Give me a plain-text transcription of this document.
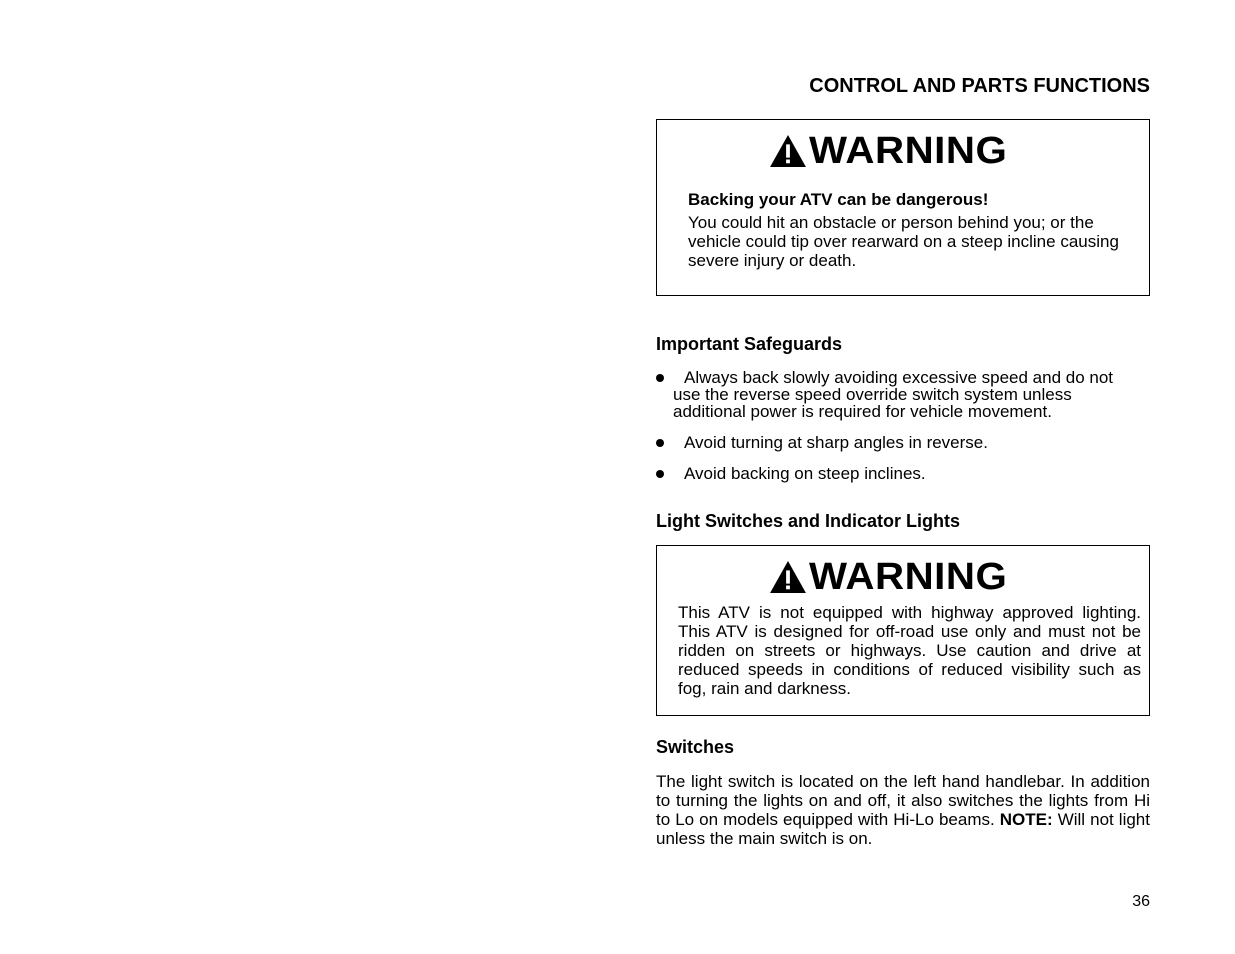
CONTROL AND PARTS FUNCTIONS
WARNING
Backing your ATV can be dangerous!
You could hit an obstacle or person behind you; or the vehicle could tip over rearward on a steep incline causing severe injury or death.
Important Safeguards
Always back slowly avoiding excessive speed and do not use the reverse speed override switch system unless additional power is required for vehicle movement.
Avoid turning at sharp angles in reverse.
Avoid backing on steep inclines.
Light Switches and Indicator Lights
WARNING
This ATV is not equipped with highway approved lighting. This ATV is designed for off-road use only and must not be ridden on streets or highways. Use caution and drive at reduced speeds in conditions of reduced visibility such as fog, rain and darkness.
Switches
The light switch is located on the left hand handlebar. In addition to turning the lights on and off, it also switches the lights from Hi to Lo on models equipped with Hi-Lo beams. NOTE: Will not light unless the main switch is on.
36
